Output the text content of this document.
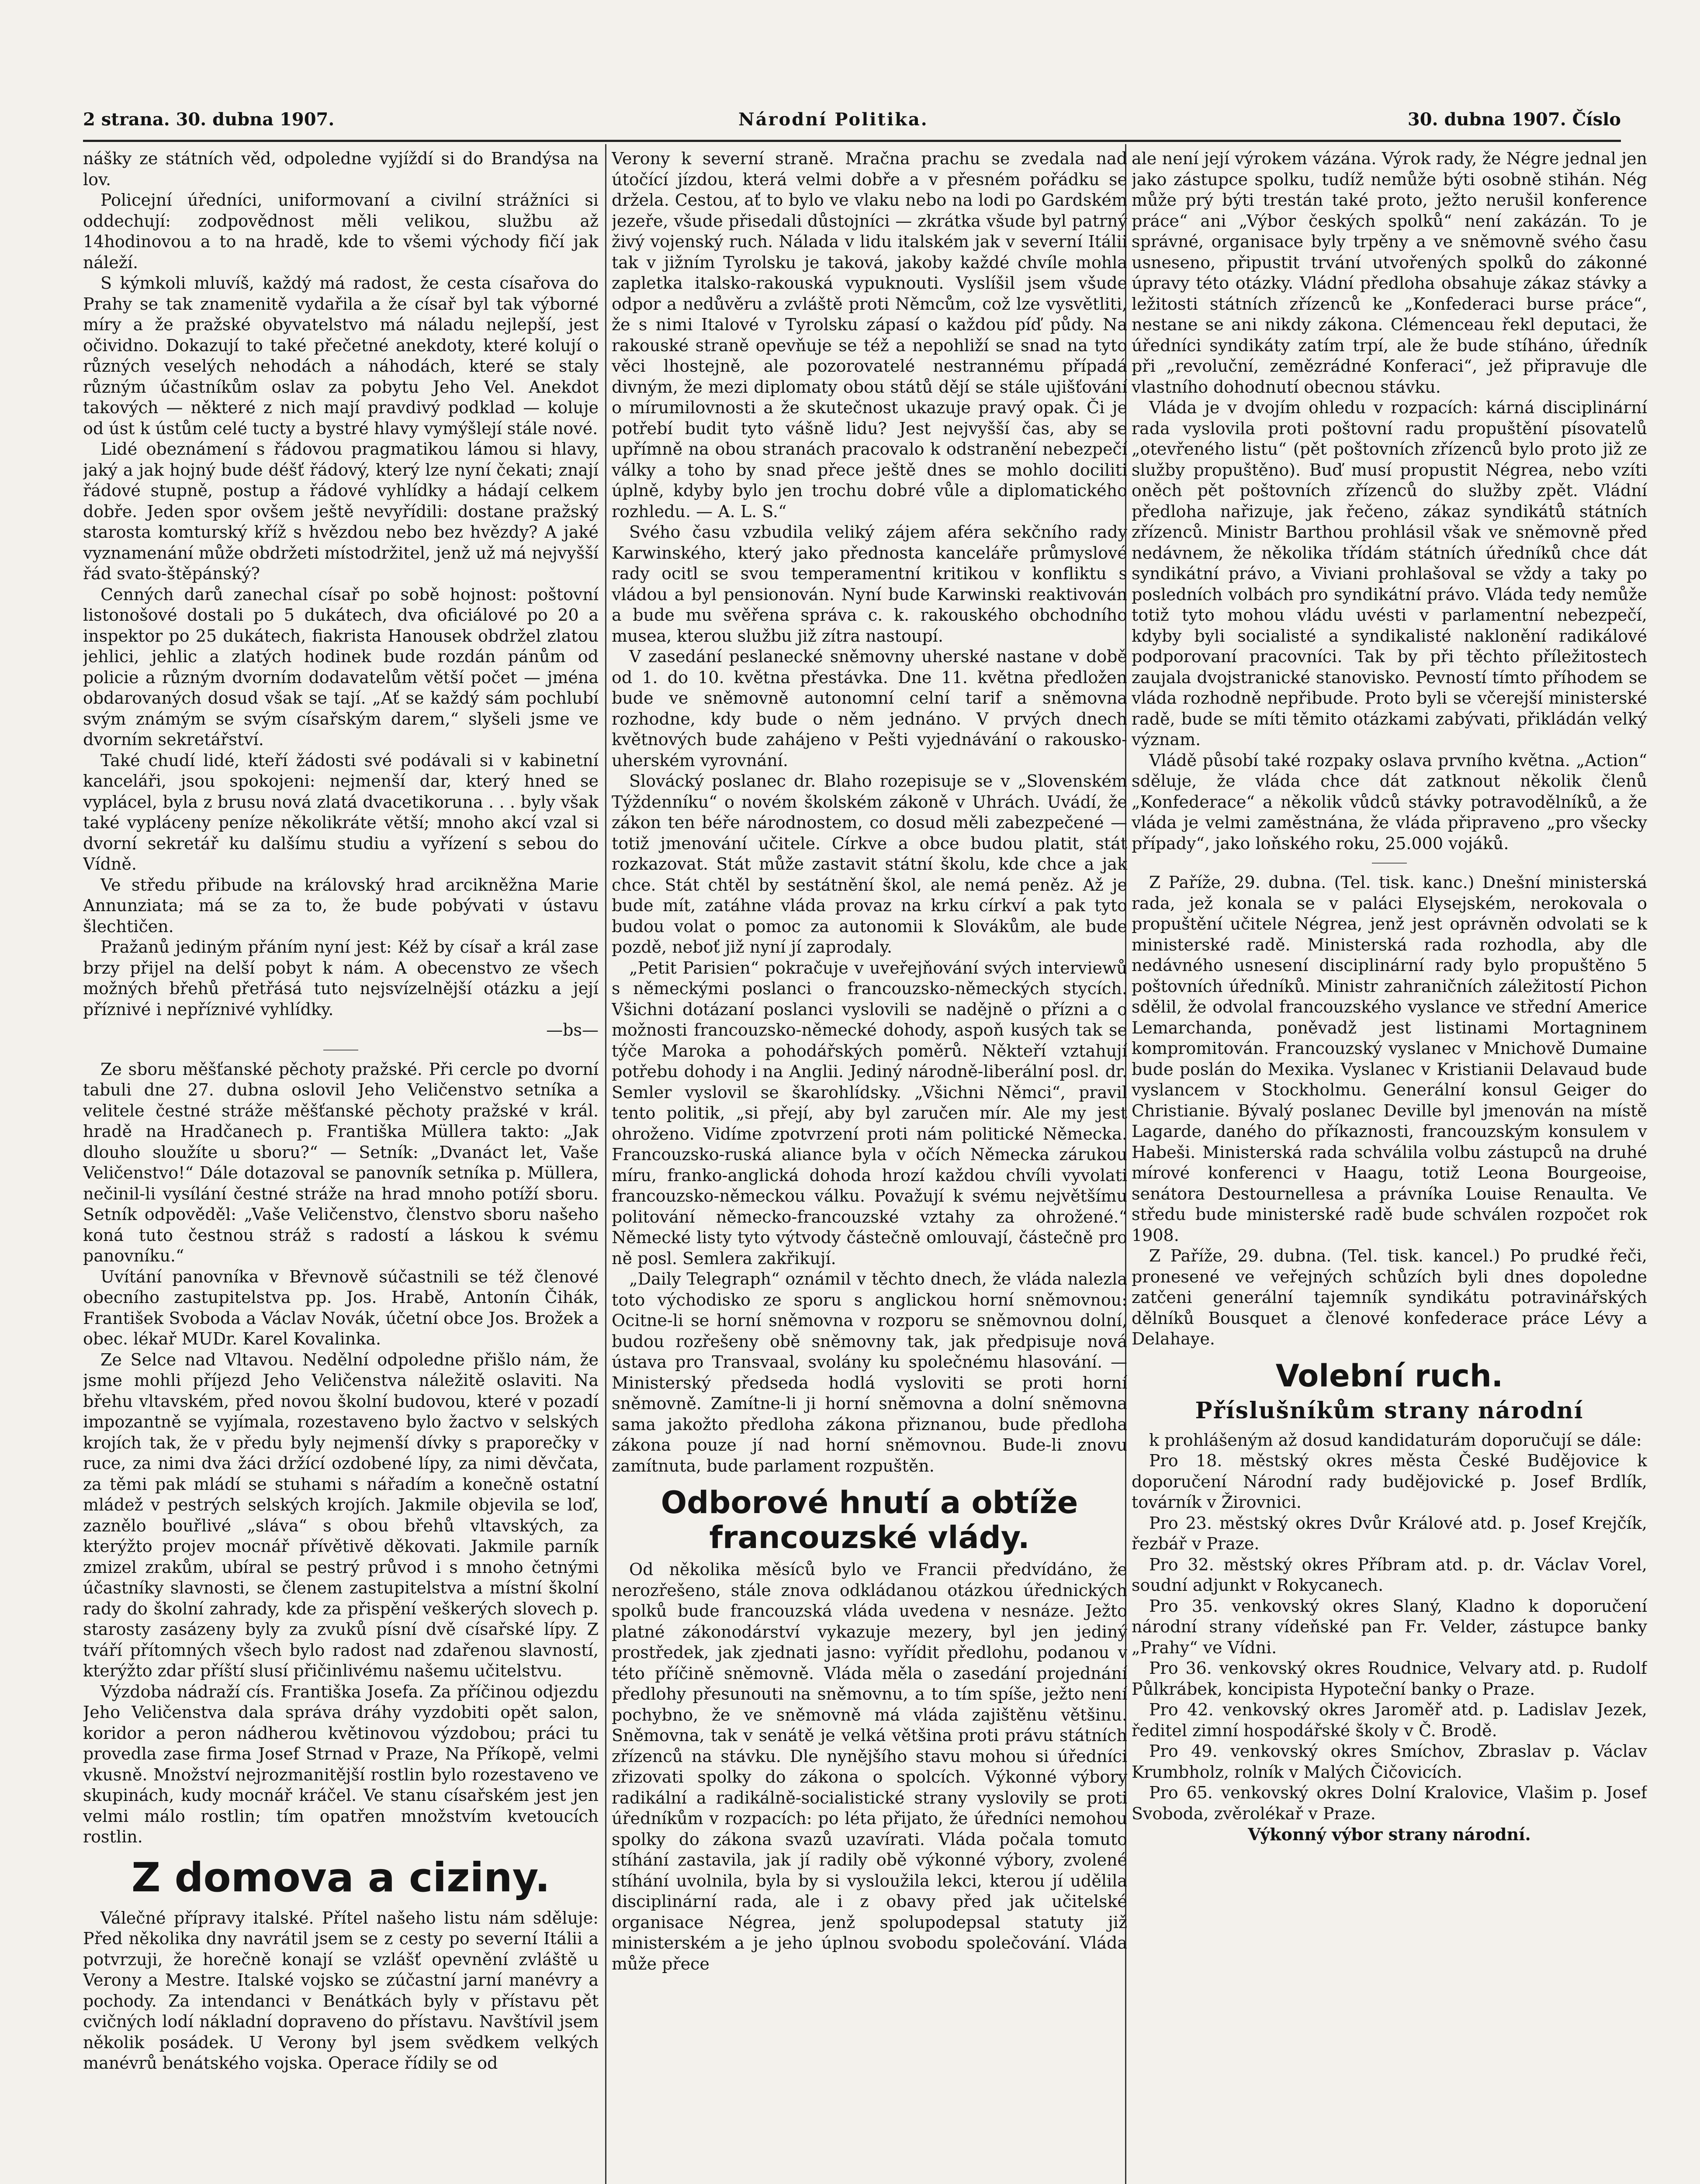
2 strana. 30. dubna 1907.	Národní Politika.	30. dubna 1907. Číslo

nášky ze státních věd, odpoledne vyjíždí si do Brandýsa na lov.

Policejní úředníci, uniformovaní a civilní strážníci si oddechují: zodpovědnost měli velikou, službu až 14hodinovou a to na hradě, kde to všemi východy fičí jak náleží.

S kýmkoli mluvíš, každý má radost, že cesta císařova do Prahy se tak znamenitě vydařila a že císař byl tak výborné míry a že pražské obyvatelstvo má náladu nejlepší, jest očividno. Dokazují to také přečetné anekdoty, které kolují o různých veselých nehodách a náhodách, které se staly různým účastníkům oslav za pobytu Jeho Vel. Anekdot takových — některé z nich mají pravdivý podklad — koluje od úst k ústům celé tucty a bystré hlavy vymýšlejí stále nové.

Lidé obeznámení s řádovou pragmatikou lámou si hlavy, jaký a jak hojný bude déšť řádový, který lze nyní čekati; znají řádové stupně, postup a řádové vyhlídky a hádají celkem dobře. Jeden spor ovšem ještě nevyřídili: dostane pražský starosta komturský kříž s hvězdou nebo bez hvězdy? A jaké vyznamenání může obdržeti místodržitel, jenž už má nejvyšší řád svato-štěpánský?

Cenných darů zanechal císař po sobě hojnost: poštovní listonošové dostali po 5 dukátech, dva oficiálové po 20 a inspektor po 25 dukátech, fiakrista Hanousek obdržel zlatou jehlici, jehlic a zlatých hodinek bude rozdán pánům od policie a různým dvorním dodavatelům větší počet — jména obdarovaných dosud však se tají. „Ať se každý sám pochlubí svým známým se svým císařským darem,“ slyšeli jsme ve dvorním sekretářství.

Také chudí lidé, kteří žádosti své podávali si v kabinetní kanceláři, jsou spokojeni: nejmenší dar, který hned se vyplácel, byla z brusu nová zlatá dvacetikoruna . . . byly však také vypláceny peníze několikráte větší; mnoho akcí vzal si dvorní sekretář ku dalšímu studiu a vyřízení s sebou do Vídně.

Ve středu přibude na královský hrad arcikněžna Marie Annunziata; má se za to, že bude pobývati v ústavu šlechtičen.

Pražanů jediným přáním nyní jest: Kéž by císař a král zase brzy přijel na delší pobyt k nám. A obecenstvo ze všech možných břehů přetřásá tuto nejsvízelnější otázku a její příznivé i nepříznivé vyhlídky.

—bs—

Ze sboru měšťanské pěchoty pražské. Při cercle po dvorní tabuli dne 27. dubna oslovil Jeho Veličenstvo setníka a velitele čestné stráže měšťanské pěchoty pražské v král. hradě na Hradčanech p. Františka Müllera takto: „Jak dlouho sloužíte u sboru?“ — Setník: „Dvanáct let, Vaše Veličenstvo!“ Dále dotazoval se panovník setníka p. Müllera, nečinil-li vysílání čestné stráže na hrad mnoho potíží sboru. Setník odpověděl: „Vaše Veličenstvo, členstvo sboru našeho koná tuto čestnou stráž s radostí a láskou k svému panovníku.“

Uvítání panovníka v Břevnově súčastnili se též členové obecního zastupitelstva pp. Jos. Hrabě, Antonín Čihák, František Svoboda a Václav Novák, účetní obce Jos. Brožek a obec. lékař MUDr. Karel Kovalinka.

Ze Selce nad Vltavou. Nedělní odpoledne přišlo nám, že jsme mohli příjezd Jeho Veličenstva náležitě oslaviti. Na břehu vltavském, před novou školní budovou, které v pozadí impozantně se vyjímala, rozestaveno bylo žactvo v selských krojích tak, že v předu byly nejmenší dívky s praporečky v ruce, za nimi dva žáci držící ozdobené lípy, za nimi děvčata, za těmi pak mládí se stuhami s nářadím a konečně ostatní mládež v pestrých selských krojích. Jakmile objevila se loď, zaznělo bouřlivé „sláva“ s obou břehů vltavských, za kterýžto projev mocnář přívětivě děkovati. Jakmile parník zmizel zrakům, ubíral se pestrý průvod i s mnoho četnými účastníky slavnosti, se členem zastupitelstva a místní školní rady do školní zahrady, kde za přispění veškerých slovech p. starosty zasázeny byly za zvuků písní dvě císařské lípy. Z tváří přítomných všech bylo radost nad zdařenou slavností, kterýžto zdar příští slusí přičinlivému našemu učitelstvu.

Výzdoba nádraží cís. Františka Josefa. Za příčinou odjezdu Jeho Veličenstva dala správa dráhy vyzdobiti opět salon, koridor a peron nádherou květinovou výzdobou; práci tu provedla zase firma Josef Strnad v Praze, Na Příkopě, velmi vkusně. Množství nejrozmanitější rostlin bylo rozestaveno ve skupinách, kudy mocnář kráčel. Ve stanu císařském jest jen velmi málo rostlin; tím opatřen množstvím kvetoucích rostlin.

Z domova a ciziny.

Válečné přípravy italské. Přítel našeho listu nám sděluje: Před několika dny navrátil jsem se z cesty po severní Itálii a potvrzuji, že horečně konají se vzlášť opevnění zvláště u Verony a Mestre. Italské vojsko se zúčastní jarní manévry a pochody. Za intendanci v Benátkách byly v přístavu pět cvičných lodí nákladní dopraveno do přístavu. Navštívil jsem několik posádek. U Verony byl jsem svědkem velkých manévrů benátského vojska. Operace řídily se od

Verony k severní straně. Mračna prachu se zvedala nad útočící jízdou, která velmi dobře a v přesném pořádku se držela. Cestou, ať to bylo ve vlaku nebo na lodi po Gardském jezeře, všude přisedali důstojníci — zkrátka všude byl patrný živý vojenský ruch. Nálada v lidu italském jak v severní Itálii tak v jižním Tyrolsku je taková, jakoby každé chvíle mohla zapletka italsko-rakouská vypuknouti. Vyslíšil jsem všude odpor a nedůvěru a zvláště proti Němcům, což lze vysvětliti, že s nimi Italové v Tyrolsku zápasí o každou píď půdy. Na rakouské straně opevňuje se též a nepohliží se snad na tyto věci lhostejně, ale pozorovatelé nestrannému případá divným, že mezi diplomaty obou států dějí se stále ujišťování o mírumilovnosti a že skutečnost ukazuje pravý opak. Či je potřebí budit tyto vášně lidu? Jest nejvyšší čas, aby se upřímně na obou stranách pracovalo k odstranění nebezpečí války a toho by snad přece ještě dnes se mohlo dociliti úplně, kdyby bylo jen trochu dobré vůle a diplomatického rozhledu. — A. L. S.“

Svého času vzbudila veliký zájem aféra sekčního rady Karwinského, který jako přednosta kanceláře průmyslové rady ocitl se svou temperamentní kritikou v konfliktu s vládou a byl pensionován. Nyní bude Karwinski reaktivován a bude mu svěřena správa c. k. rakouského obchodního musea, kterou službu již zítra nastoupí.

V zasedání peslanecké sněmovny uherské nastane v době od 1. do 10. května přestávka. Dne 11. května předložen bude ve sněmovně autonomní celní tarif a sněmovna rozhodne, kdy bude o něm jednáno. V prvých dnech květnových bude zahájeno v Pešti vyjednávání o rakousko-uherském vyrovnání.

Slovácký poslanec dr. Blaho rozepisuje se v „Slovenském Týždenníku“ o novém školském zákoně v Uhrách. Uvádí, že zákon ten béře národnostem, co dosud měli zabezpečené — totiž jmenování učitele. Církve a obce budou platit, stát rozkazovat. Stát může zastavit státní školu, kde chce a jak chce. Stát chtěl by sestátnění škol, ale nemá peněz. Až je bude mít, zatáhne vláda provaz na krku církví a pak tyto budou volat o pomoc za autonomii k Slovákům, ale bude pozdě, neboť již nyní jí zaprodaly.

„Petit Parisien“ pokračuje v uveřejňování svých interviewů s německými poslanci o francouzsko-německých stycích. Všichni dotázaní poslanci vyslovili se nadějně o přízni a o možnosti francouzsko-německé dohody, aspoň kusých tak se týče Maroka a pohodářských poměrů. Někteří vztahují potřebu dohody i na Anglii. Jediný národně-liberální posl. dr. Semler vyslovil se škarohlídsky. „Všichni Němci“, pravil tento politik, „si přejí, aby byl zaručen mír. Ale my jest ohroženo. Vidíme zpotvrzení proti nám politické Německa. Francouzsko-ruská aliance byla v očích Německa zárukou míru, franko-anglická dohoda hrozí každou chvíli vyvolati francouzsko-německou válku. Považují k svému největšímu politování německo-francouzské vztahy za ohrožené.“ Německé listy tyto výtvody částečně omlouvají, částečně pro ně posl. Semlera zakřikují.

„Daily Telegraph“ oznámil v těchto dnech, že vláda nalezla toto východisko ze sporu s anglickou horní sněmovnou: Ocitne-li se horní sněmovna v rozporu se sněmovnou dolní, budou rozřešeny obě sněmovny tak, jak předpisuje nová ústava pro Transvaal, svolány ku společnému hlasování. — Ministerský předseda hodlá vysloviti se proti horní sněmovně. Zamítne-li ji horní sněmovna a dolní sněmovna sama jakožto předloha zákona přiznanou, bude předloha zákona pouze jí nad horní sněmovnou. Bude-li znovu zamítnuta, bude parlament rozpuštěn.

Odborové hnutí a obtíže francouzské vlády.

Od několika měsíců bylo ve Francii předvídáno, že nerozřešeno, stále znova odkládanou otázkou úřednických spolků bude francouzská vláda uvedena v nesnáze. Ježto platné zákonodárství vykazuje mezery, byl jen jediný prostředek, jak zjednati jasno: vyřídit předlohu, podanou v této příčině sněmovně. Vláda měla o zasedání projednání předlohy přesunouti na sněmovnu, a to tím spíše, ježto není pochybno, že ve sněmovně má vláda zajištěnu většinu. Sněmovna, tak v senátě je velká většina proti právu státních zřízenců na stávku. Dle nynějšího stavu mohou si úředníci zřizovati spolky do zákona o spolcích. Výkonné výbory radikální a radikálně-socialistické strany vyslovily se proti úředníkům v rozpacích: po léta přijato, že úředníci nemohou spolky do zákona svazů uzavírati. Vláda počala tomuto stíhání zastavila, jak jí radily obě výkonné výbory, zvolené stíhání uvolnila, byla by si vysloužila lekci, kterou jí udělila disciplinární rada, ale i z obavy před jak učitelské organisace Négrea, jenž spolupodepsal statuty již ministerském a je jeho úplnou svobodu společování. Vláda může přece

ale není její výrokem vázána. Výrok rady, že Négre jednal jen jako zástupce spolku, tudíž nemůže býti osobně stihán. Nég může prý býti trestán také proto, ježto nerušil konference práce“ ani „Výbor českých spolků“ není zakázán. To je správné, organisace byly trpěny a ve sněmovně svého času usneseno, připustit trvání utvořených spolků do zákonné úpravy této otázky. Vládní předloha obsahuje zákaz stávky a ležitosti státních zřízenců ke „Konfederaci burse práce“, nestane se ani nikdy zákona. Clémenceau řekl deputaci, že úředníci syndikáty zatím trpí, ale že bude stíháno, úředník při „revoluční, zemězrádné Konferaci“, jež připravuje dle vlastního dohodnutí obecnou stávku.

Vláda je v dvojím ohledu v rozpacích: kárná disciplinární rada vyslovila proti poštovní radu propuštění písovatelů „otevřeného listu“ (pět poštovních zřízenců bylo proto již ze služby propuštěno). Buď musí propustit Négrea, nebo vzíti oněch pět poštovních zřízenců do služby zpět. Vládní předloha nařizuje, jak řečeno, zákaz syndikátů státních zřízenců. Ministr Barthou prohlásil však ve sněmovně před nedávnem, že několika třídám státních úředníků chce dát syndikátní právo, a Viviani prohlašoval se vždy a taky po posledních volbách pro syndikátní právo. Vláda tedy nemůže totiž tyto mohou vládu uvésti v parlamentní nebezpečí, kdyby byli socialisté a syndikalisté naklonění radikálové podporovaní pracovníci. Tak by při těchto příležitostech zaujala dvojstranické stanovisko. Pevností tímto příhodem se vláda rozhodně nepřibude. Proto byli se včerejší ministerské radě, bude se míti těmito otázkami zabývati, přikládán velký význam.

Vládě působí také rozpaky oslava prvního května. „Action“ sděluje, že vláda chce dát zatknout několik členů „Konfederace“ a několik vůdců stávky potravodělníků, a že vláda je velmi zaměstnána, že vláda připraveno „pro všecky případy“, jako loňského roku, 25.000 vojáků.

Z Paříže, 29. dubna. (Tel. tisk. kanc.) Dnešní ministerská rada, jež konala se v paláci Elysejském, nerokovala o propuštění učitele Négrea, jenž jest oprávněn odvolati se k ministerské radě. Ministerská rada rozhodla, aby dle nedávného usnesení disciplinární rady bylo propuštěno 5 poštovních úředníků. Ministr zahraničních záležitostí Pichon sdělil, že odvolal francouzského vyslance ve střední Americe Lemarchanda, poněvadž jest listinami Mortagninem kompromitován. Francouzský vyslanec v Mnichově Dumaine bude poslán do Mexika. Vyslanec v Kristianii Delavaud bude vyslancem v Stockholmu. Generální konsul Geiger do Christianie. Bývalý poslanec Deville byl jmenován na místě Lagarde, daného do příkaznosti, francouzským konsulem v Habeši. Ministerská rada schválila volbu zástupců na druhé mírové konferenci v Haagu, totiž Leona Bourgeoise, senátora Destournellesa a právníka Louise Renaulta. Ve středu bude ministerské radě bude schválen rozpočet rok 1908.

Z Paříže, 29. dubna. (Tel. tisk. kancel.) Po prudké řeči, pronesené ve veřejných schůzích byli dnes dopoledne zatčeni generální tajemník syndikátu potravinářských dělníků Bousquet a členové konfederace práce Lévy a Delahaye.

Volební ruch.
Příslušníkům strany národní

k prohlášeným až dosud kandidaturám doporučují se dále:

Pro 18. městský okres města České Budějovice k doporučení Národní rady budějovické p. Josef Brdlík, továrník v Žirovnici.

Pro 23. městský okres Dvůr Králové atd. p. Josef Krejčík, řezbář v Praze.

Pro 32. městský okres Příbram atd. p. dr. Václav Vorel, soudní adjunkt v Rokycanech.

Pro 35. venkovský okres Slaný, Kladno k doporučení národní strany vídeňské pan Fr. Velder, zástupce banky „Prahy“ ve Vídni.

Pro 36. venkovský okres Roudnice, Velvary atd. p. Rudolf Půlkrábek, koncipista Hypoteční banky o Praze.

Pro 42. venkovský okres Jaroměř atd. p. Ladislav Jezek, ředitel zimní hospodářské školy v Č. Brodě.

Pro 49. venkovský okres Smíchov, Zbraslav p. Václav Krumbholz, rolník v Malých Čičovicích.

Pro 65. venkovský okres Dolní Kralovice, Vlašim p. Josef Svoboda, zvěrolékař v Praze.

Výkonný výbor strany národní.
